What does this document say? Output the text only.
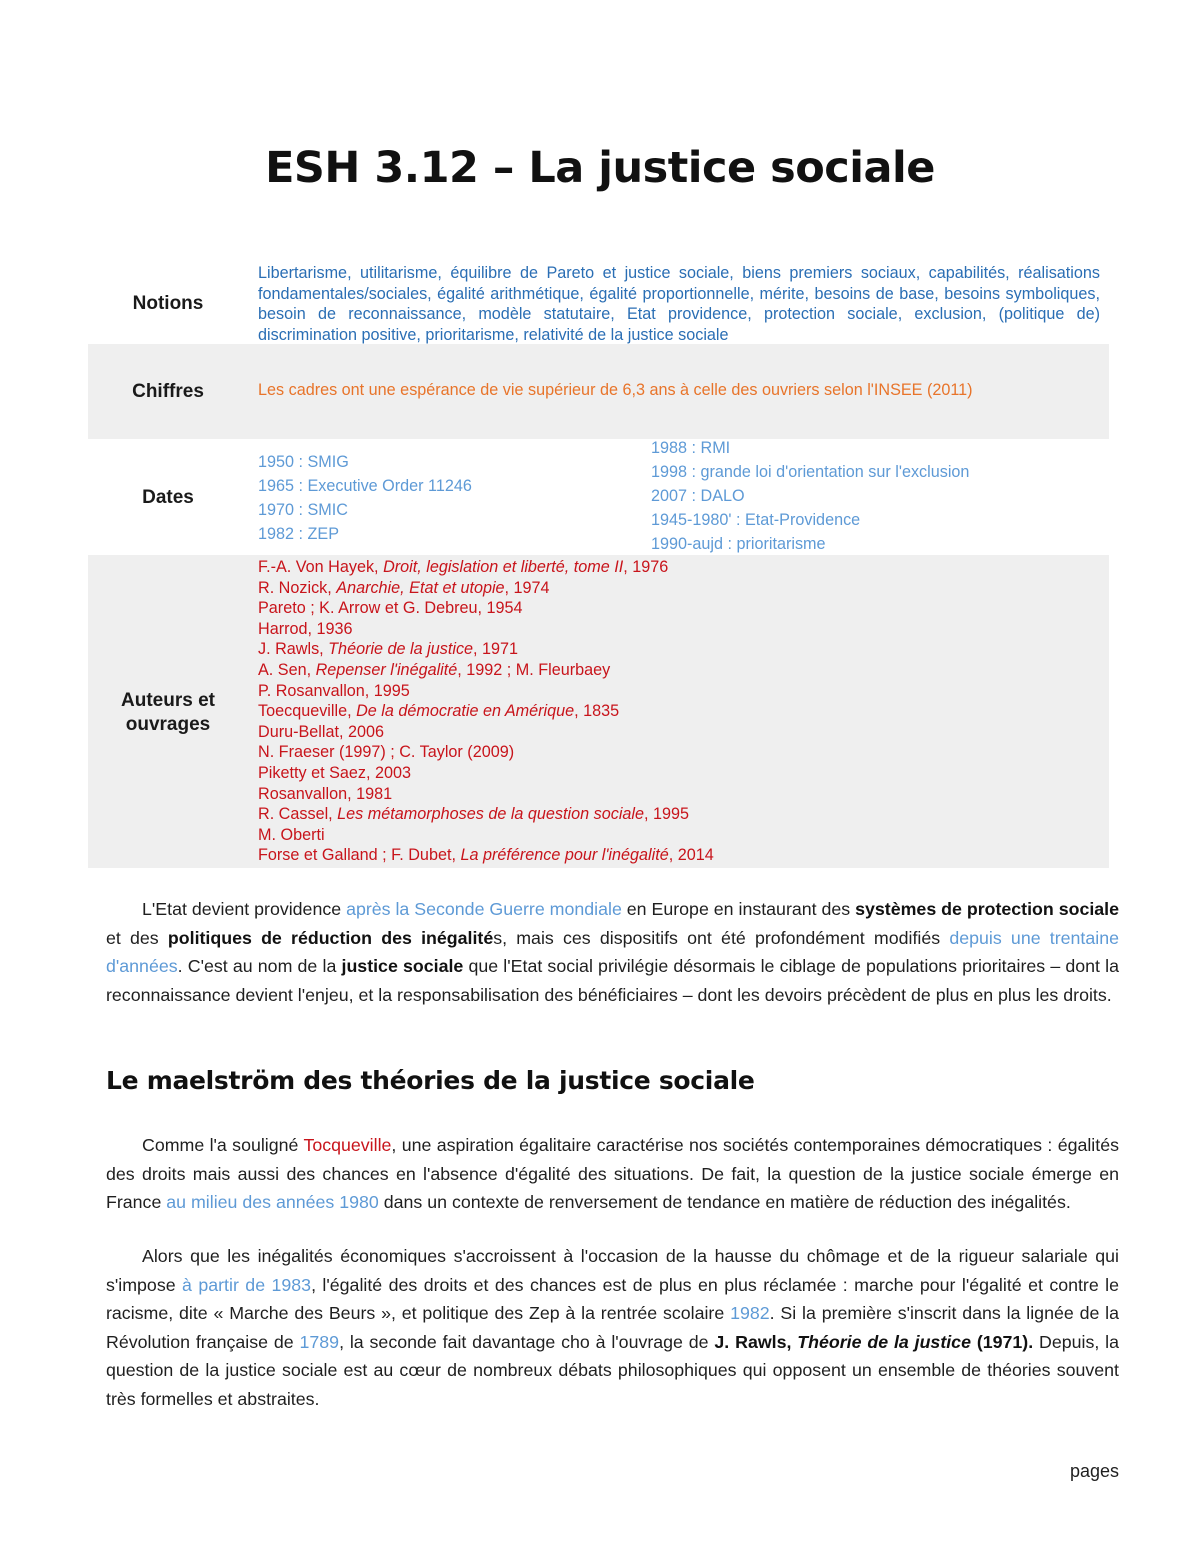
ESH 3.12 – La justice sociale
Notions
Libertarisme, utilitarisme, équilibre de Pareto et justice sociale, biens premiers sociaux, capabilités, réalisations fondamentales/sociales, égalité arithmétique, égalité proportionnelle, mérite, besoins de base, besoins symboliques, besoin de reconnaissance, modèle statutaire, Etat providence, protection sociale, exclusion, (politique de) discrimination positive, prioritarisme, relativité de la justice sociale
Chiffres	Les cadres ont une espérance de vie supérieur de 6,3 ans à celle des ouvriers selon l'INSEE (2011)
Dates
1950 : SMIG
1965 : Executive Order 11246
1970 : SMIC
1982 : ZEP
1988 : RMI
1998 : grande loi d'orientation sur l'exclusion
2007 : DALO
1945-1980' : Etat-Providence
1990-aujd : prioritarisme
Auteurs et
ouvrages
F.-A. Von Hayek, Droit, legislation et liberté, tome II, 1976
R. Nozick, Anarchie, Etat et utopie, 1974
Pareto ; K. Arrow et G. Debreu, 1954
Harrod, 1936
J. Rawls, Théorie de la justice, 1971
A. Sen, Repenser l'inégalité, 1992 ; M. Fleurbaey
P. Rosanvallon, 1995
Toecqueville, De la démocratie en Amérique, 1835
Duru-Bellat, 2006
N. Fraeser (1997) ; C. Taylor (2009)
Piketty et Saez, 2003
Rosanvallon, 1981
R. Cassel, Les métamorphoses de la question sociale, 1995
M. Oberti
Forse et Galland ; F. Dubet, La préférence pour l'inégalité, 2014
L'Etat devient providence après la Seconde Guerre mondiale en Europe en instaurant des systèmes de protection sociale et des politiques de réduction des inégalités, mais ces dispositifs ont été profondément modifiés depuis une trentaine d'années. C'est au nom de la justice sociale que l'Etat social privilégie désormais le ciblage de populations prioritaires – dont la reconnaissance devient l'enjeu, et la responsabilisation des bénéficiaires – dont les devoirs précèdent de plus en plus les droits.
Le maelström des théories de la justice sociale
Comme l'a souligné Tocqueville, une aspiration égalitaire caractérise nos sociétés contemporaines démocratiques : égalités des droits mais aussi des chances en l'absence d'égalité des situations. De fait, la question de la justice sociale émerge en France au milieu des années 1980 dans un contexte de renversement de tendance en matière de réduction des inégalités.
Alors que les inégalités économiques s'accroissent à l'occasion de la hausse du chômage et de la rigueur salariale qui s'impose à partir de 1983, l'égalité des droits et des chances est de plus en plus réclamée : marche pour l'égalité et contre le racisme, dite « Marche des Beurs », et politique des Zep à la rentrée scolaire 1982. Si la première s'inscrit dans la lignée de la Révolution française de 1789, la seconde fait davantage cho à l'ouvrage de J. Rawls, Théorie de la justice (1971). Depuis, la question de la justice sociale est au cœur de nombreux débats philosophiques qui opposent un ensemble de théories souvent très formelles et abstraites.
pages
